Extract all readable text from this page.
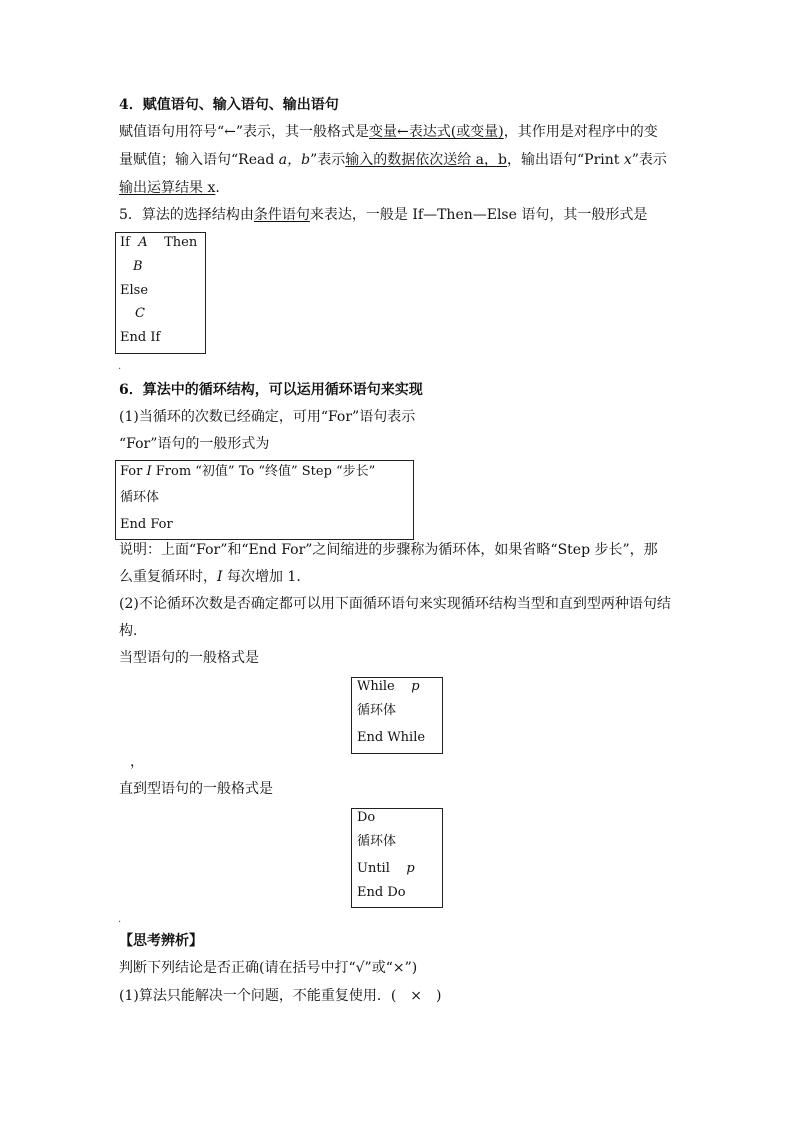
4．赋值语句、输入语句、输出语句
赋值语句用符号“←”表示，其一般格式是变量←表达式(或变量)，其作用是对程序中的变
量赋值；输入语句“Read a，b”表示输入的数据依次送给 a，b，输出语句“Print x”表示
输出运算结果 x.
5．算法的选择结构由条件语句来表达，一般是 If—Then—Else 语句，其一般形式是
If A Then
B
Else
C
End If
.
6．算法中的循环结构，可以运用循环语句来实现
(1)当循环的次数已经确定，可用“For”语句表示
“For”语句的一般形式为
For I From “初值” To “终值” Step “步长”
循环体
End For
说明：上面“For”和“End For”之间缩进的步骤称为循环体，如果省略“Step 步长”，那
么重复循环时，I 每次增加 1.
(2)不论循环次数是否确定都可以用下面循环语句来实现循环结构当型和直到型两种语句结
构．
当型语句的一般格式是
While p
循环体
End While
，
直到型语句的一般格式是
Do
循环体
Until p
End Do
.
【思考辨析】
判断下列结论是否正确(请在括号中打“√”或“×”)
(1)算法只能解决一个问题，不能重复使用．(　×　)
